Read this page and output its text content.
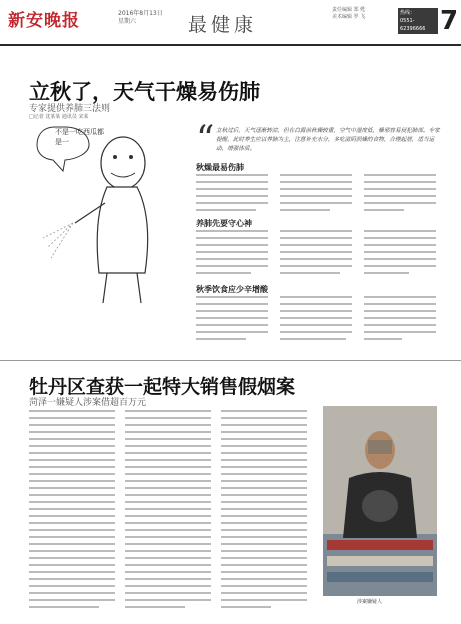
新安晚报	2016年8月13日
星期六	最健康
责任编辑 郑 甦
美术编辑 罗 飞
热线：
0551-
62396666 7
立秋了，天气干燥易伤肺
专家提供养肺三法则
□记者 沈某某 通讯员 宋某
不是一吃西瓜都
是一	“ 立秋过后，天气逐渐转凉，但在白露前秋燥较重，空气中湿度低，燥邪容易侵犯肺部。专家提醒，此时养生应以养肺为主，注意补充水分，多吃滋阴润燥的食物，合理起居，适当运动，增强体质。
秋燥最易伤肺
养肺先要守心神
秋季饮食应少辛增酸
牡丹区查获一起特大销售假烟案
菏泽一嫌疑人涉案借超百万元
涉案嫌疑人
